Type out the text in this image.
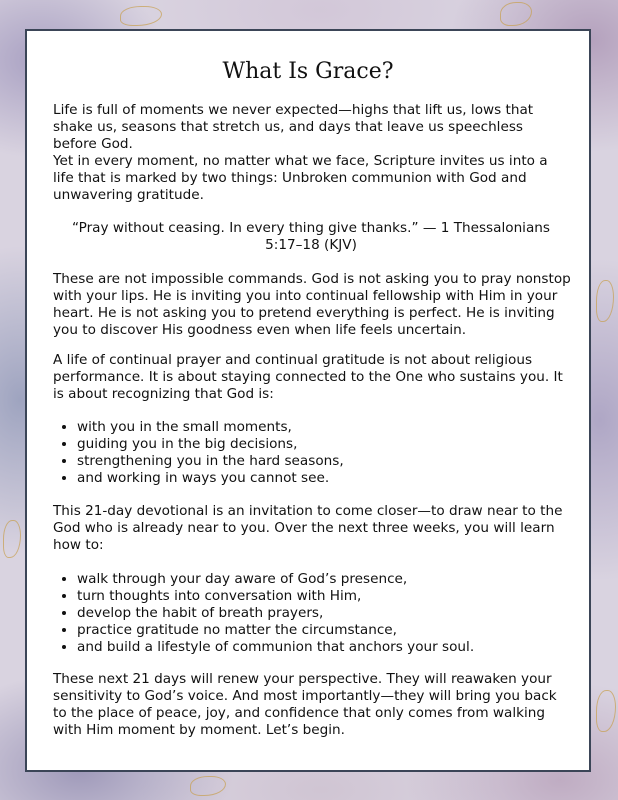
What Is Grace?
Life is full of moments we never expected—highs that lift us, lows that shake us, seasons that stretch us, and days that leave us speechless before God.
Yet in every moment, no matter what we face, Scripture invites us into a life that is marked by two things: Unbroken communion with God and unwavering gratitude.
“Pray without ceasing. In every thing give thanks.” — 1 Thessalonians 5:17–18 (KJV)
These are not impossible commands. God is not asking you to pray nonstop with your lips. He is inviting you into continual fellowship with Him in your heart. He is not asking you to pretend everything is perfect. He is inviting you to discover His goodness even when life feels uncertain.
A life of continual prayer and continual gratitude is not about religious performance. It is about staying connected to the One who sustains you. It is about recognizing that God is:
• with you in the small moments,
• guiding you in the big decisions,
• strengthening you in the hard seasons,
• and working in ways you cannot see.
This 21-day devotional is an invitation to come closer—to draw near to the God who is already near to you. Over the next three weeks, you will learn how to:
• walk through your day aware of God’s presence,
• turn thoughts into conversation with Him,
• develop the habit of breath prayers,
• practice gratitude no matter the circumstance,
• and build a lifestyle of communion that anchors your soul.
These next 21 days will renew your perspective. They will reawaken your sensitivity to God’s voice. And most importantly—they will bring you back to the place of peace, joy, and confidence that only comes from walking with Him moment by moment. Let’s begin.
